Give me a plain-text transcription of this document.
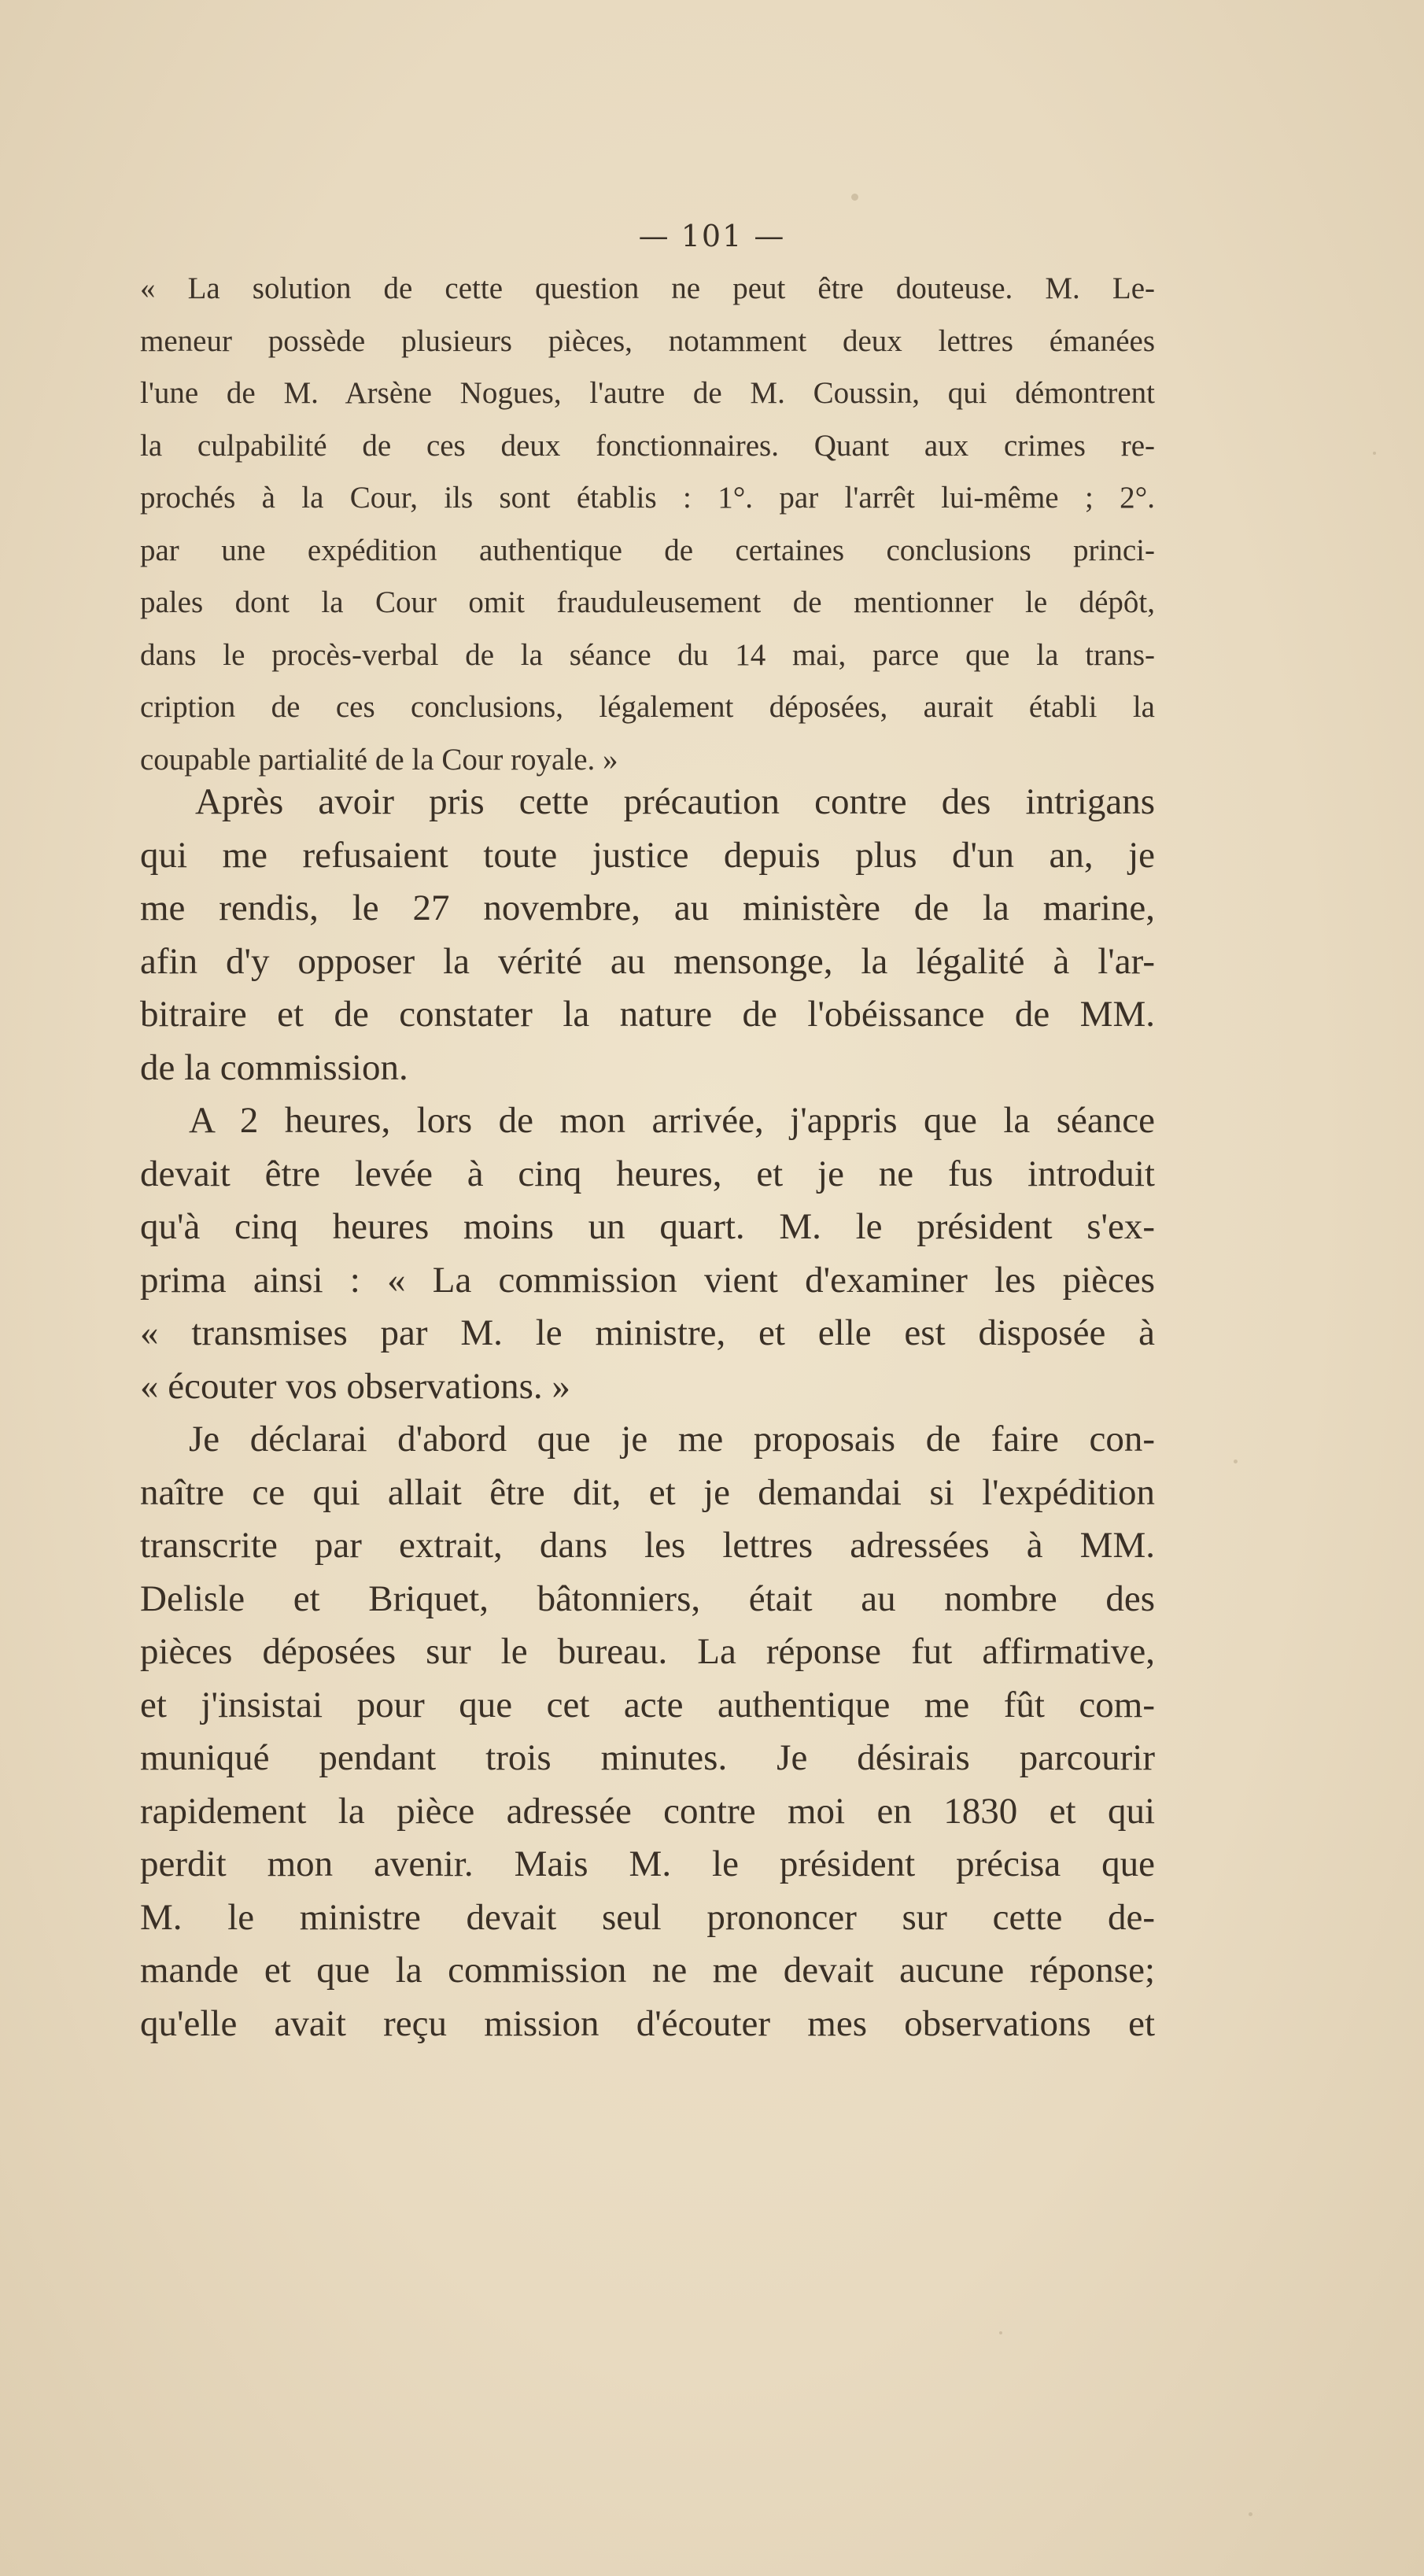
— 101 —
« La solution de cette question ne peut être douteuse. M. Le-
meneur possède plusieurs pièces, notamment deux lettres émanées
l'une de M. Arsène Nogues, l'autre de M. Coussin, qui démontrent
la culpabilité de ces deux fonctionnaires. Quant aux crimes re-
prochés à la Cour, ils sont établis : 1°. par l'arrêt lui-même ; 2°.
par une expédition authentique de certaines conclusions princi-
pales dont la Cour omit frauduleusement de mentionner le dépôt,
dans le procès-verbal de la séance du 14 mai, parce que la trans-
cription de ces conclusions, légalement déposées, aurait établi la
coupable partialité de la Cour royale. »
Après avoir pris cette précaution contre des intrigans
qui me refusaient toute justice depuis plus d'un an, je
me rendis, le 27 novembre, au ministère de la marine,
afin d'y opposer la vérité au mensonge, la légalité à l'ar-
bitraire et de constater la nature de l'obéissance de MM.
de la commission.
A 2 heures, lors de mon arrivée, j'appris que la séance
devait être levée à cinq heures, et je ne fus introduit
qu'à cinq heures moins un quart. M. le président s'ex-
prima ainsi : « La commission vient d'examiner les pièces
« transmises par M. le ministre, et elle est disposée à
« écouter vos observations. »
Je déclarai d'abord que je me proposais de faire con-
naître ce qui allait être dit, et je demandai si l'expédition
transcrite par extrait, dans les lettres adressées à MM.
Delisle et Briquet, bâtonniers, était au nombre des
pièces déposées sur le bureau. La réponse fut affirmative,
et j'insistai pour que cet acte authentique me fût com-
muniqué pendant trois minutes. Je désirais parcourir
rapidement la pièce adressée contre moi en 1830 et qui
perdit mon avenir. Mais M. le président précisa que
M. le ministre devait seul prononcer sur cette de-
mande et que la commission ne me devait aucune réponse;
qu'elle avait reçu mission d'écouter mes observations et
